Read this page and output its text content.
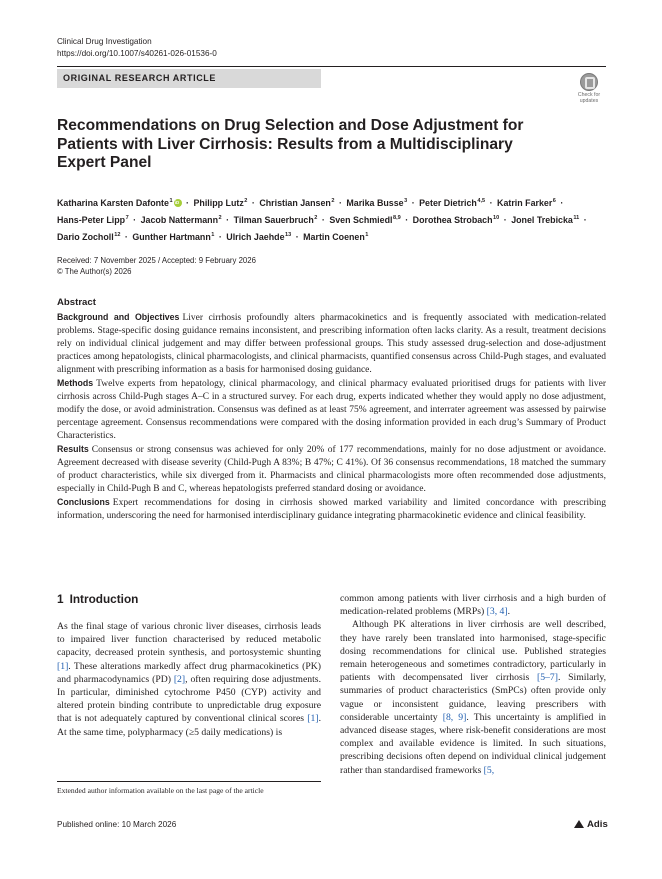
Clinical Drug Investigation
https://doi.org/10.1007/s40261-026-01536-0
ORIGINAL RESEARCH ARTICLE
Check for
updates
Recommendations on Drug Selection and Dose Adjustment for Patients with Liver Cirrhosis: Results from a Multidisciplinary Expert Panel
Katharina Karsten Dafonte$^1$iD · Philipp Lutz$^2$ · Christian Jansen$^2$ · Marika Busse$^3$ · Peter Dietrich$^{4,5}$ · Katrin Farker$^6$ · Hans-Peter Lipp$^7$ · Jacob Nattermann$^2$ · Tilman Sauerbruch$^2$ · Sven Schmiedl$^{8,9}$ · Dorothea Strobach$^{10}$ · Jonel Trebicka$^{11}$ · Dario Zocholl$^{12}$ · Gunther Hartmann$^1$ · Ulrich Jaehde$^{13}$ · Martin Coenen$^1$
Received: 7 November 2025 / Accepted: 9 February 2026
© The Author(s) 2026
Abstract

Background and Objectives Liver cirrhosis profoundly alters pharmacokinetics and is frequently associated with medication-related problems. Stage-specific dosing guidance remains inconsistent, and prescribing information often lacks clarity. As a result, treatment decisions rely on individual clinical judgement and may differ between professional groups. This study assessed drug-selection and dose-adjustment practices among hepatologists, clinical pharmacologists, and clinical pharmacists, quantified consensus across Child-Pugh stages, and evaluated alignment with prescribing information as a basis for harmonised dosing guidance.

Methods Twelve experts from hepatology, clinical pharmacology, and clinical pharmacy evaluated prioritised drugs for patients with liver cirrhosis across Child-Pugh stages A–C in a structured survey. For each drug, experts indicated whether they would apply no dose adjustment, modify the dose, or avoid administration. Consensus was defined as at least 75% agreement, and interrater agreement was assessed by pairwise percentage agreement. Consensus recommendations were compared with the dosing information provided in each drug’s Summary of Product Characteristics.

Results Consensus or strong consensus was achieved for only 20% of 177 recommendations, mainly for no dose adjustment or avoidance. Agreement decreased with disease severity (Child-Pugh A 83%; B 47%; C 41%). Of 36 consensus recommendations, 18 matched the summary of product characteristics, while six diverged from it. Pharmacists and clinical pharmacologists more often recommended dose adjustments, especially in Child-Pugh B and C, whereas hepatologists preferred standard dosing or avoidance.

Conclusions Expert recommendations for dosing in cirrhosis showed marked variability and limited concordance with prescribing information, underscoring the need for harmonised interdisciplinary guidance integrating pharmacokinetic evidence and clinical feasibility.

1 Introduction

As the final stage of various chronic liver diseases, cirrhosis leads to impaired liver function characterised by reduced metabolic capacity, decreased protein synthesis, and portosystemic shunting [1]. These alterations markedly affect drug pharmacokinetics (PK) and pharmacodynamics (PD) [2], often requiring dose adjustments. In particular, diminished cytochrome P450 (CYP) activity and altered protein binding contribute to unpredictable drug exposure that is not adequately captured by conventional clinical scores [1]. At the same time, polypharmacy (≥5 daily medications) is

common among patients with liver cirrhosis and a high burden of medication-related problems (MRPs) [3, 4].

Although PK alterations in liver cirrhosis are well described, they have rarely been translated into harmonised, stage-specific dosing recommendations for clinical use. Published strategies remain heterogeneous and sometimes contradictory, particularly in patients with decompensated liver cirrhosis [5–7]. Similarly, summaries of product characteristics (SmPCs) often provide only vague or inconsistent guidance, leaving prescribers with considerable uncertainty [8, 9]. This uncertainty is amplified in advanced disease stages, where risk-benefit considerations are most complex and available evidence is limited. In such situations, prescribing decisions often depend on individual clinical judgement rather than standardised frameworks [5,

Extended author information available on the last page of the article
Published online: 10 March 2026	Adis
